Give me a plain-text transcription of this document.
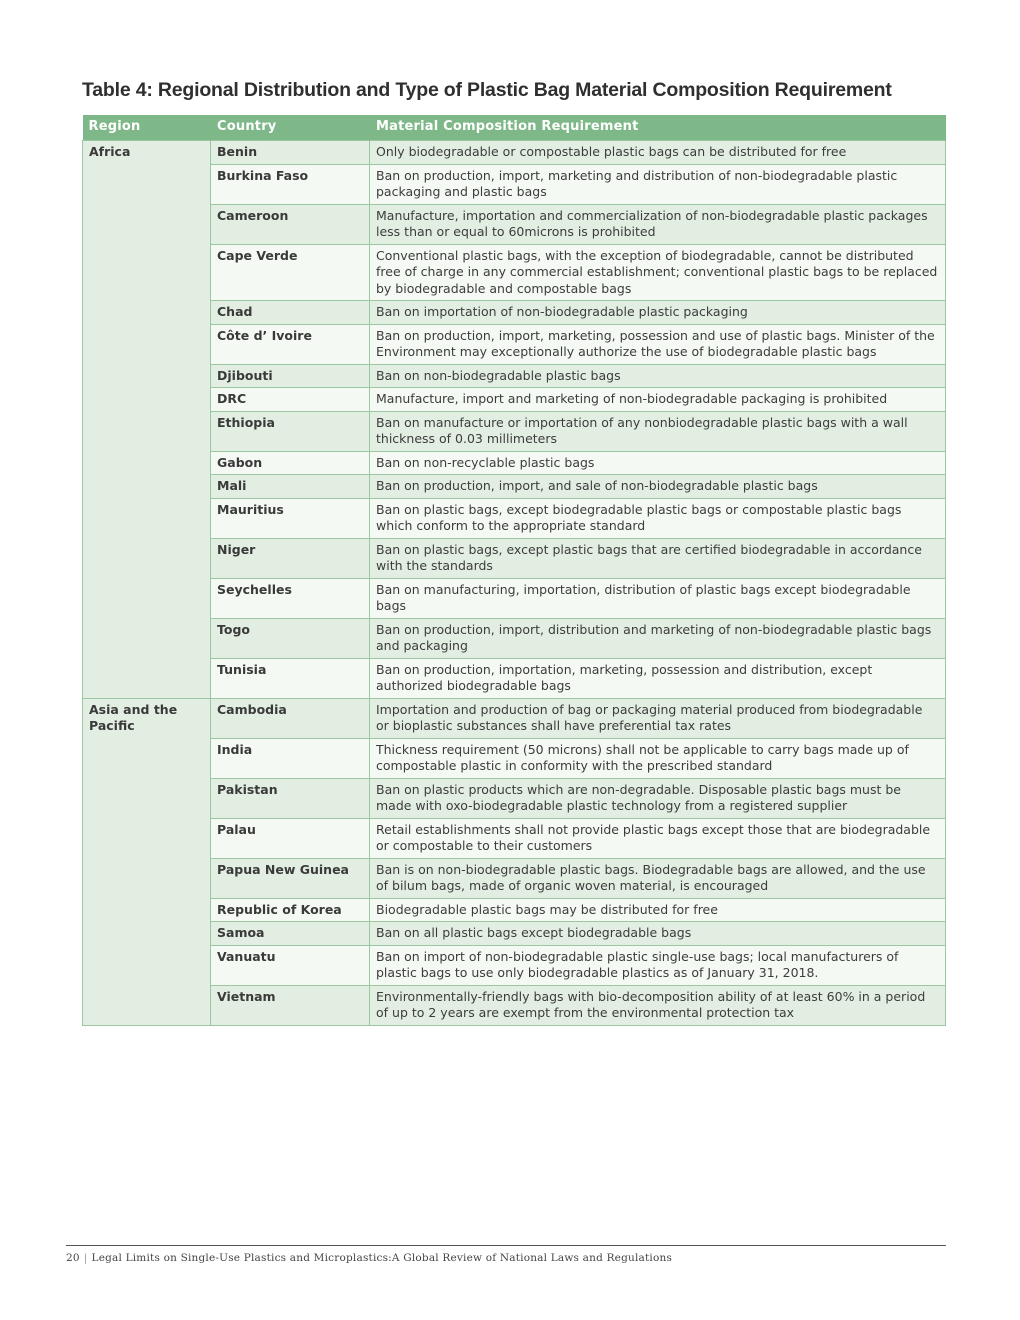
Table 4: Regional Distribution and Type of Plastic Bag Material Composition Requirement
Region	Country	Material Composition Requirement
Africa	Benin	Only biodegradable or compostable plastic bags can be distributed for free
	Burkina Faso	Ban on production, import, marketing and distribution of non-biodegradable plastic packaging and plastic bags
	Cameroon	Manufacture, importation and commercialization of non-biodegradable plastic packages less than or equal to 60microns is prohibited
	Cape Verde	Conventional plastic bags, with the exception of biodegradable, cannot be distributed free of charge in any commercial establishment; conventional plastic bags to be replaced by biodegradable and compostable bags
	Chad	Ban on importation of non-biodegradable plastic packaging
	Côte d’ Ivoire	Ban on production, import, marketing, possession and use of plastic bags. Minister of the Environment may exceptionally authorize the use of biodegradable plastic bags
	Djibouti	Ban on non-biodegradable plastic bags
	DRC	Manufacture, import and marketing of non-biodegradable packaging is prohibited
	Ethiopia	Ban on manufacture or importation of any nonbiodegradable plastic bags with a wall thickness of 0.03 millimeters
	Gabon	Ban on non-recyclable plastic bags
	Mali	Ban on production, import, and sale of non-biodegradable plastic bags
	Mauritius	Ban on plastic bags, except biodegradable plastic bags or compostable plastic bags which conform to the appropriate standard
	Niger	Ban on plastic bags, except plastic bags that are certified biodegradable in accordance with the standards
	Seychelles	Ban on manufacturing, importation, distribution of plastic bags except biodegradable bags
	Togo	Ban on production, import, distribution and marketing of non-biodegradable plastic bags and packaging
	Tunisia	Ban on production, importation, marketing, possession and distribution, except authorized biodegradable bags
Asia and the Pacific	Cambodia	Importation and production of bag or packaging material produced from biodegradable or bioplastic substances shall have preferential tax rates
	India	Thickness requirement (50 microns) shall not be applicable to carry bags made up of compostable plastic in conformity with the prescribed standard
	Pakistan	Ban on plastic products which are non-degradable. Disposable plastic bags must be made with oxo-biodegradable plastic technology from a registered supplier
	Palau	Retail establishments shall not provide plastic bags except those that are biodegradable or compostable to their customers
	Papua New Guinea	Ban is on non-biodegradable plastic bags. Biodegradable bags are allowed, and the use of bilum bags, made of organic woven material, is encouraged
	Republic of Korea	Biodegradable plastic bags may be distributed for free
	Samoa	Ban on all plastic bags except biodegradable bags
	Vanuatu	Ban on import of non-biodegradable plastic single-use bags; local manufacturers of plastic bags to use only biodegradable plastics as of January 31, 2018.
	Vietnam	Environmentally-friendly bags with bio-decomposition ability of at least 60% in a period of up to 2 years are exempt from the environmental protection tax
20 | Legal Limits on Single-Use Plastics and Microplastics:A Global Review of National Laws and Regulations
